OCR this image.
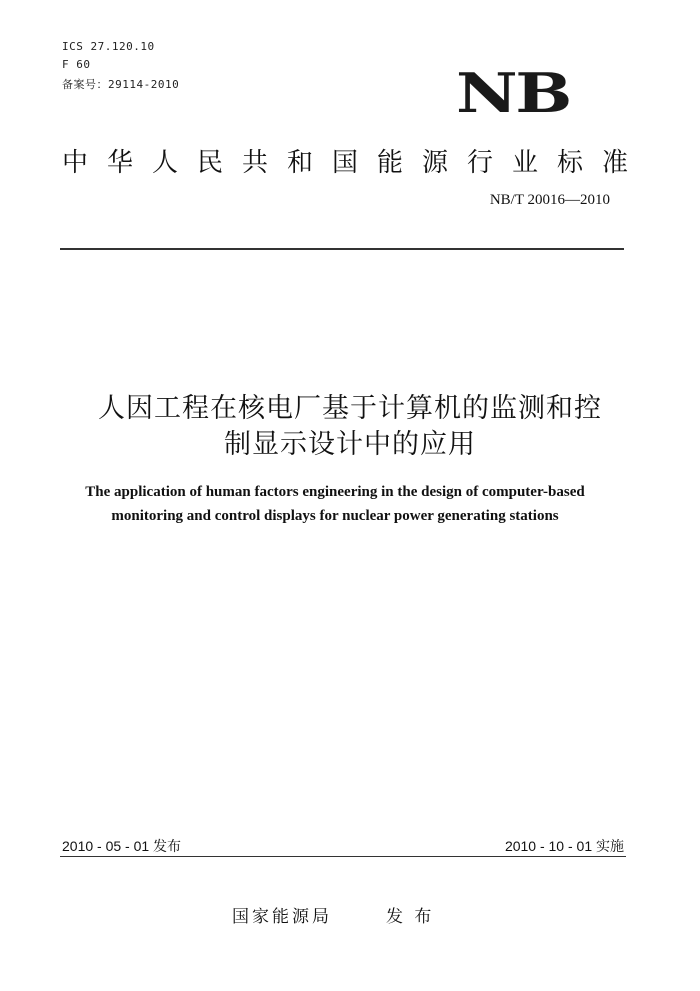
ICS 27.120.10
F 60
备案号：29114-2010	NB
中华人民共和国能源行业标准
NB/T 20016—2010
人因工程在核电厂基于计算机的监测和控
制显示设计中的应用
The application of human factors engineering in the design of computer-based
monitoring and control displays for nuclear power generating stations
2010 - 05 - 01 发布	2010 - 10 - 01 实施
国家能源局	发 布
